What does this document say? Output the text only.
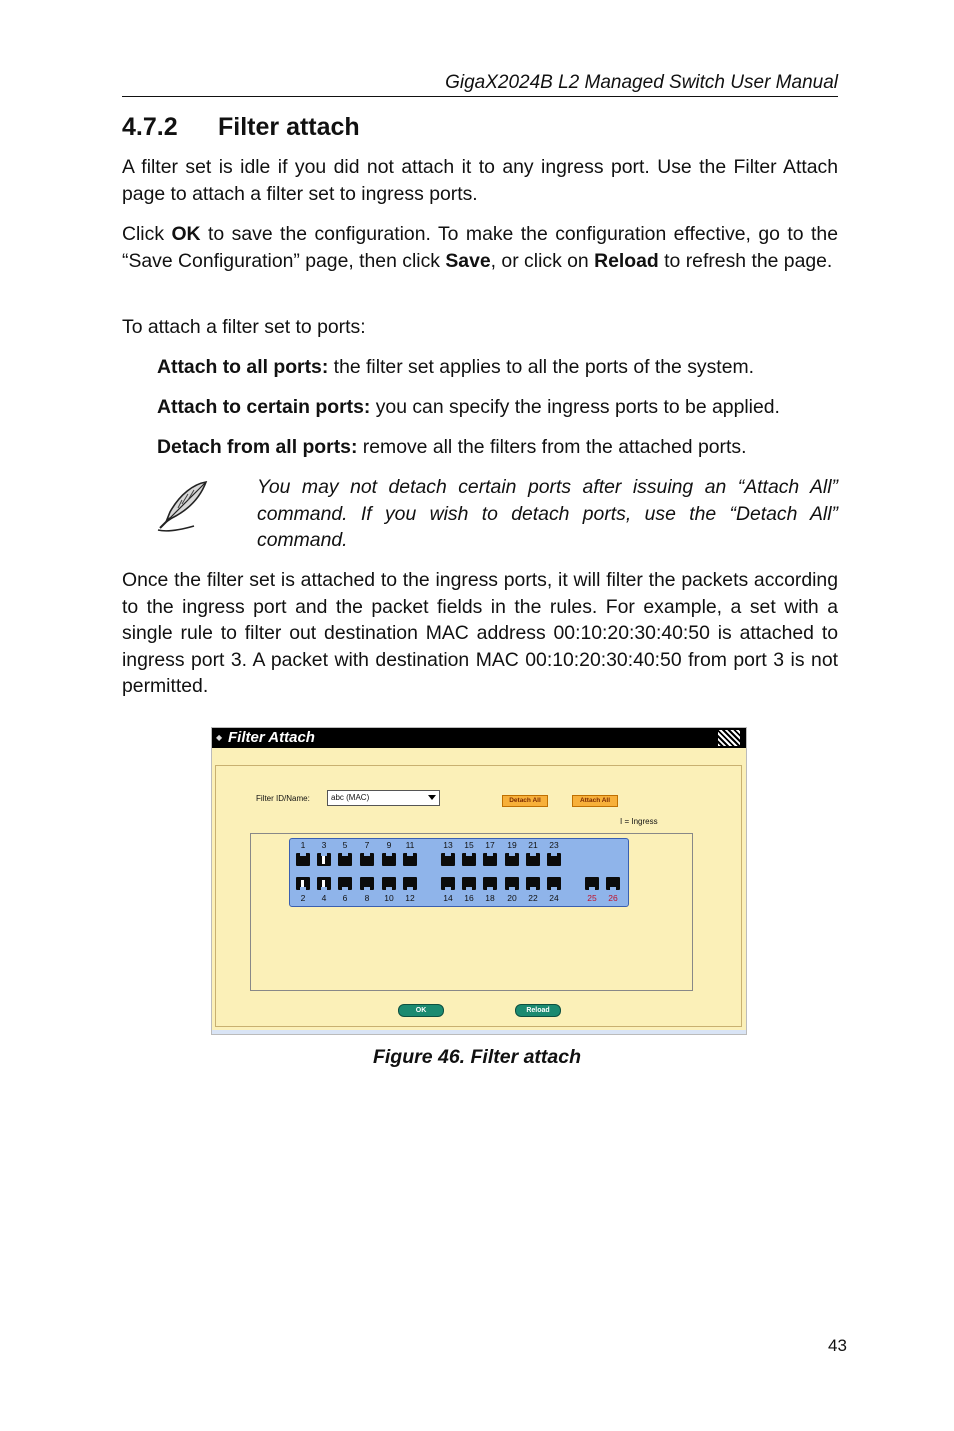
GigaX2024B L2 Managed Switch User Manual
4.7.2 Filter attach

A filter set is idle if you did not attach it to any ingress port. Use the Filter Attach page to attach a filter set to ingress ports.

Click OK to save the configuration. To make the configuration effective, go to the “Save Configuration” page, then click Save, or click on Reload to refresh the page.

To attach a filter set to ports:

Attach to all ports: the filter set applies to all the ports of the system.

Attach to certain ports: you can specify the ingress ports to be applied.

Detach from all ports: remove all the filters from the attached ports.

You may not detach certain ports after issuing an “Attach All” command. If you wish to detach ports, use the “Detach All” command.

Once the filter set is attached to the ingress ports, it will filter the packets according to the ingress port and the packet fields in the rules. For example, a set with a single rule to filter out destination MAC address 00:10:20:30:40:50 is attached to ingress port 3. A packet with destination MAC 00:10:20:30:40:50 from port 3 is not permitted.

◆ Filter Attach
Filter ID/Name:	abc (MAC)	Detach All	Attach All
I = Ingress
1	3	5	7	9	11	13	15	17	19	21	23
2	4	6	8	10	12	14	16	18	20	22	24	25	26
OK	Reload
Figure 46. Filter attach
43
